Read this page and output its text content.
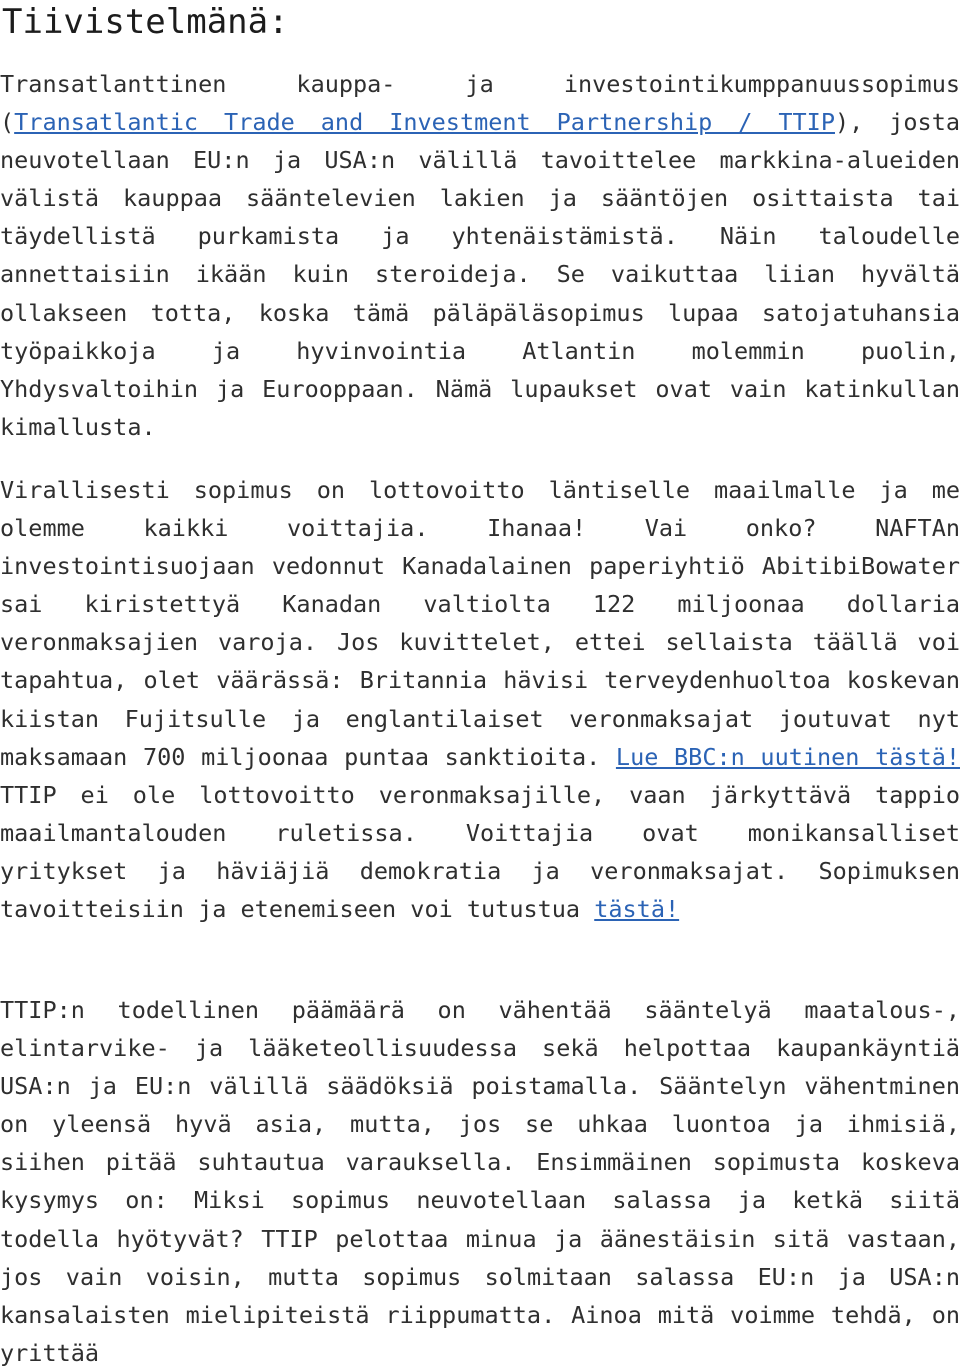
Tiivistelmänä:

Transatlanttinen kauppa- ja investointikumppanuussopimus (Transatlantic Trade and Investment Partnership / TTIP), josta neuvotellaan EU:n ja USA:n välillä tavoittelee markkina-alueiden välistä kauppaa sääntelevien lakien ja sääntöjen osittaista tai täydellistä purkamista ja yhtenäistämistä. Näin taloudelle annettaisiin ikään kuin steroideja. Se vaikuttaa liian hyvältä ollakseen totta, koska tämä päläpäläsopimus lupaa satojatuhansia työpaikkoja ja hyvinvointia Atlantin molemmin puolin, Yhdysvaltoihin ja Eurooppaan. Nämä lupaukset ovat vain katinkullan kimallusta.

Virallisesti sopimus on lottovoitto läntiselle maailmalle ja me olemme kaikki voittajia. Ihanaa! Vai onko? NAFTAn investointisuojaan vedonnut Kanadalainen paperiyhtiö AbitibiBowater sai kiristettyä Kanadan valtiolta 122 miljoonaa dollaria veronmaksajien varoja. Jos kuvittelet, ettei sellaista täällä voi tapahtua, olet väärässä: Britannia hävisi terveydenhuoltoa koskevan kiistan Fujitsulle ja englantilaiset veronmaksajat joutuvat nyt maksamaan 700 miljoonaa puntaa sanktioita. Lue BBC:n uutinen tästä! TTIP ei ole lottovoitto veronmaksajille, vaan järkyttävä tappio maailmantalouden ruletissa. Voittajia ovat monikansalliset yritykset ja häviäjiä demokratia ja veronmaksajat. Sopimuksen tavoitteisiin ja etenemiseen voi tutustua tästä!

TTIP:n todellinen päämäärä on vähentää sääntelyä maatalous-, elintarvike- ja lääketeollisuudessa sekä helpottaa kaupankäyntiä USA:n ja EU:n välillä säädöksiä poistamalla. Sääntelyn vähentminen on yleensä hyvä asia, mutta, jos se uhkaa luontoa ja ihmisiä, siihen pitää suhtautua varauksella. Ensimmäinen sopimusta koskeva kysymys on: Miksi sopimus neuvotellaan salassa ja ketkä siitä todella hyötyvät? TTIP pelottaa minua ja äänestäisin sitä vastaan, jos vain voisin, mutta sopimus solmitaan salassa EU:n ja USA:n kansalaisten mielipiteistä riippumatta. Ainoa mitä voimme tehdä, on yrittää
